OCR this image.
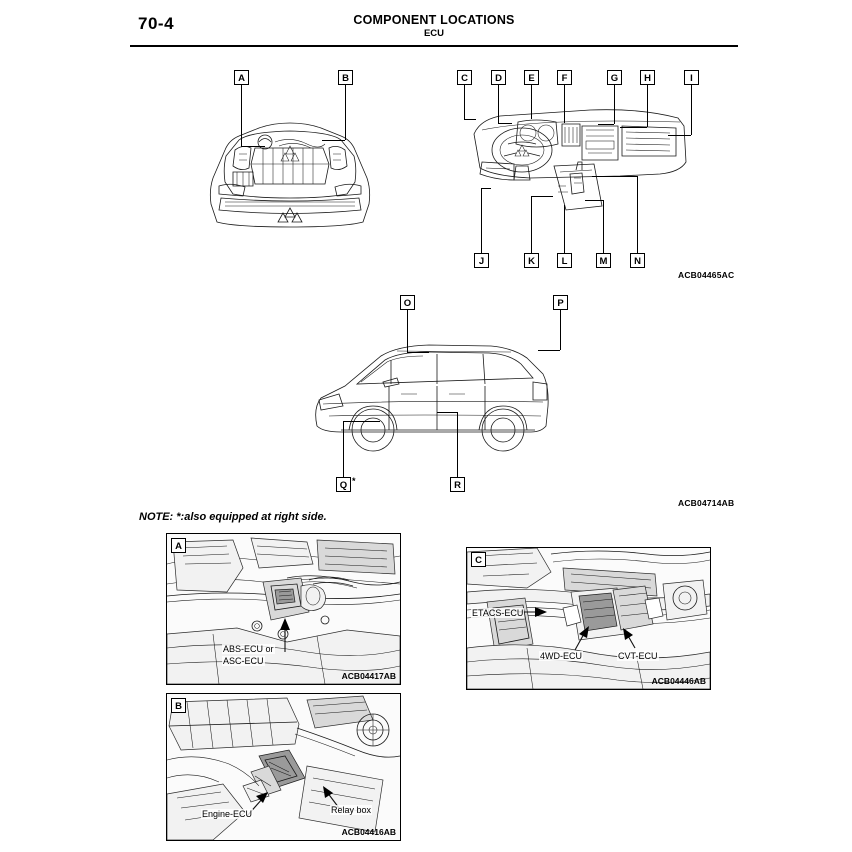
70-4	COMPONENT LOCATIONS
ECU
A	B	C	D	E	F	G	H	I
J	K	L	M	N
ACB04465AC
O	P
Q *	R
ACB04714AB
NOTE: *:also equipped at right side.
A
ABS-ECU or
ASC-ECU
ACB04417AB
B
Engine-ECU	Relay box
ACB04416AB
C
ETACS-ECU
4WD-ECU	CVT-ECU
ACB04446AB
